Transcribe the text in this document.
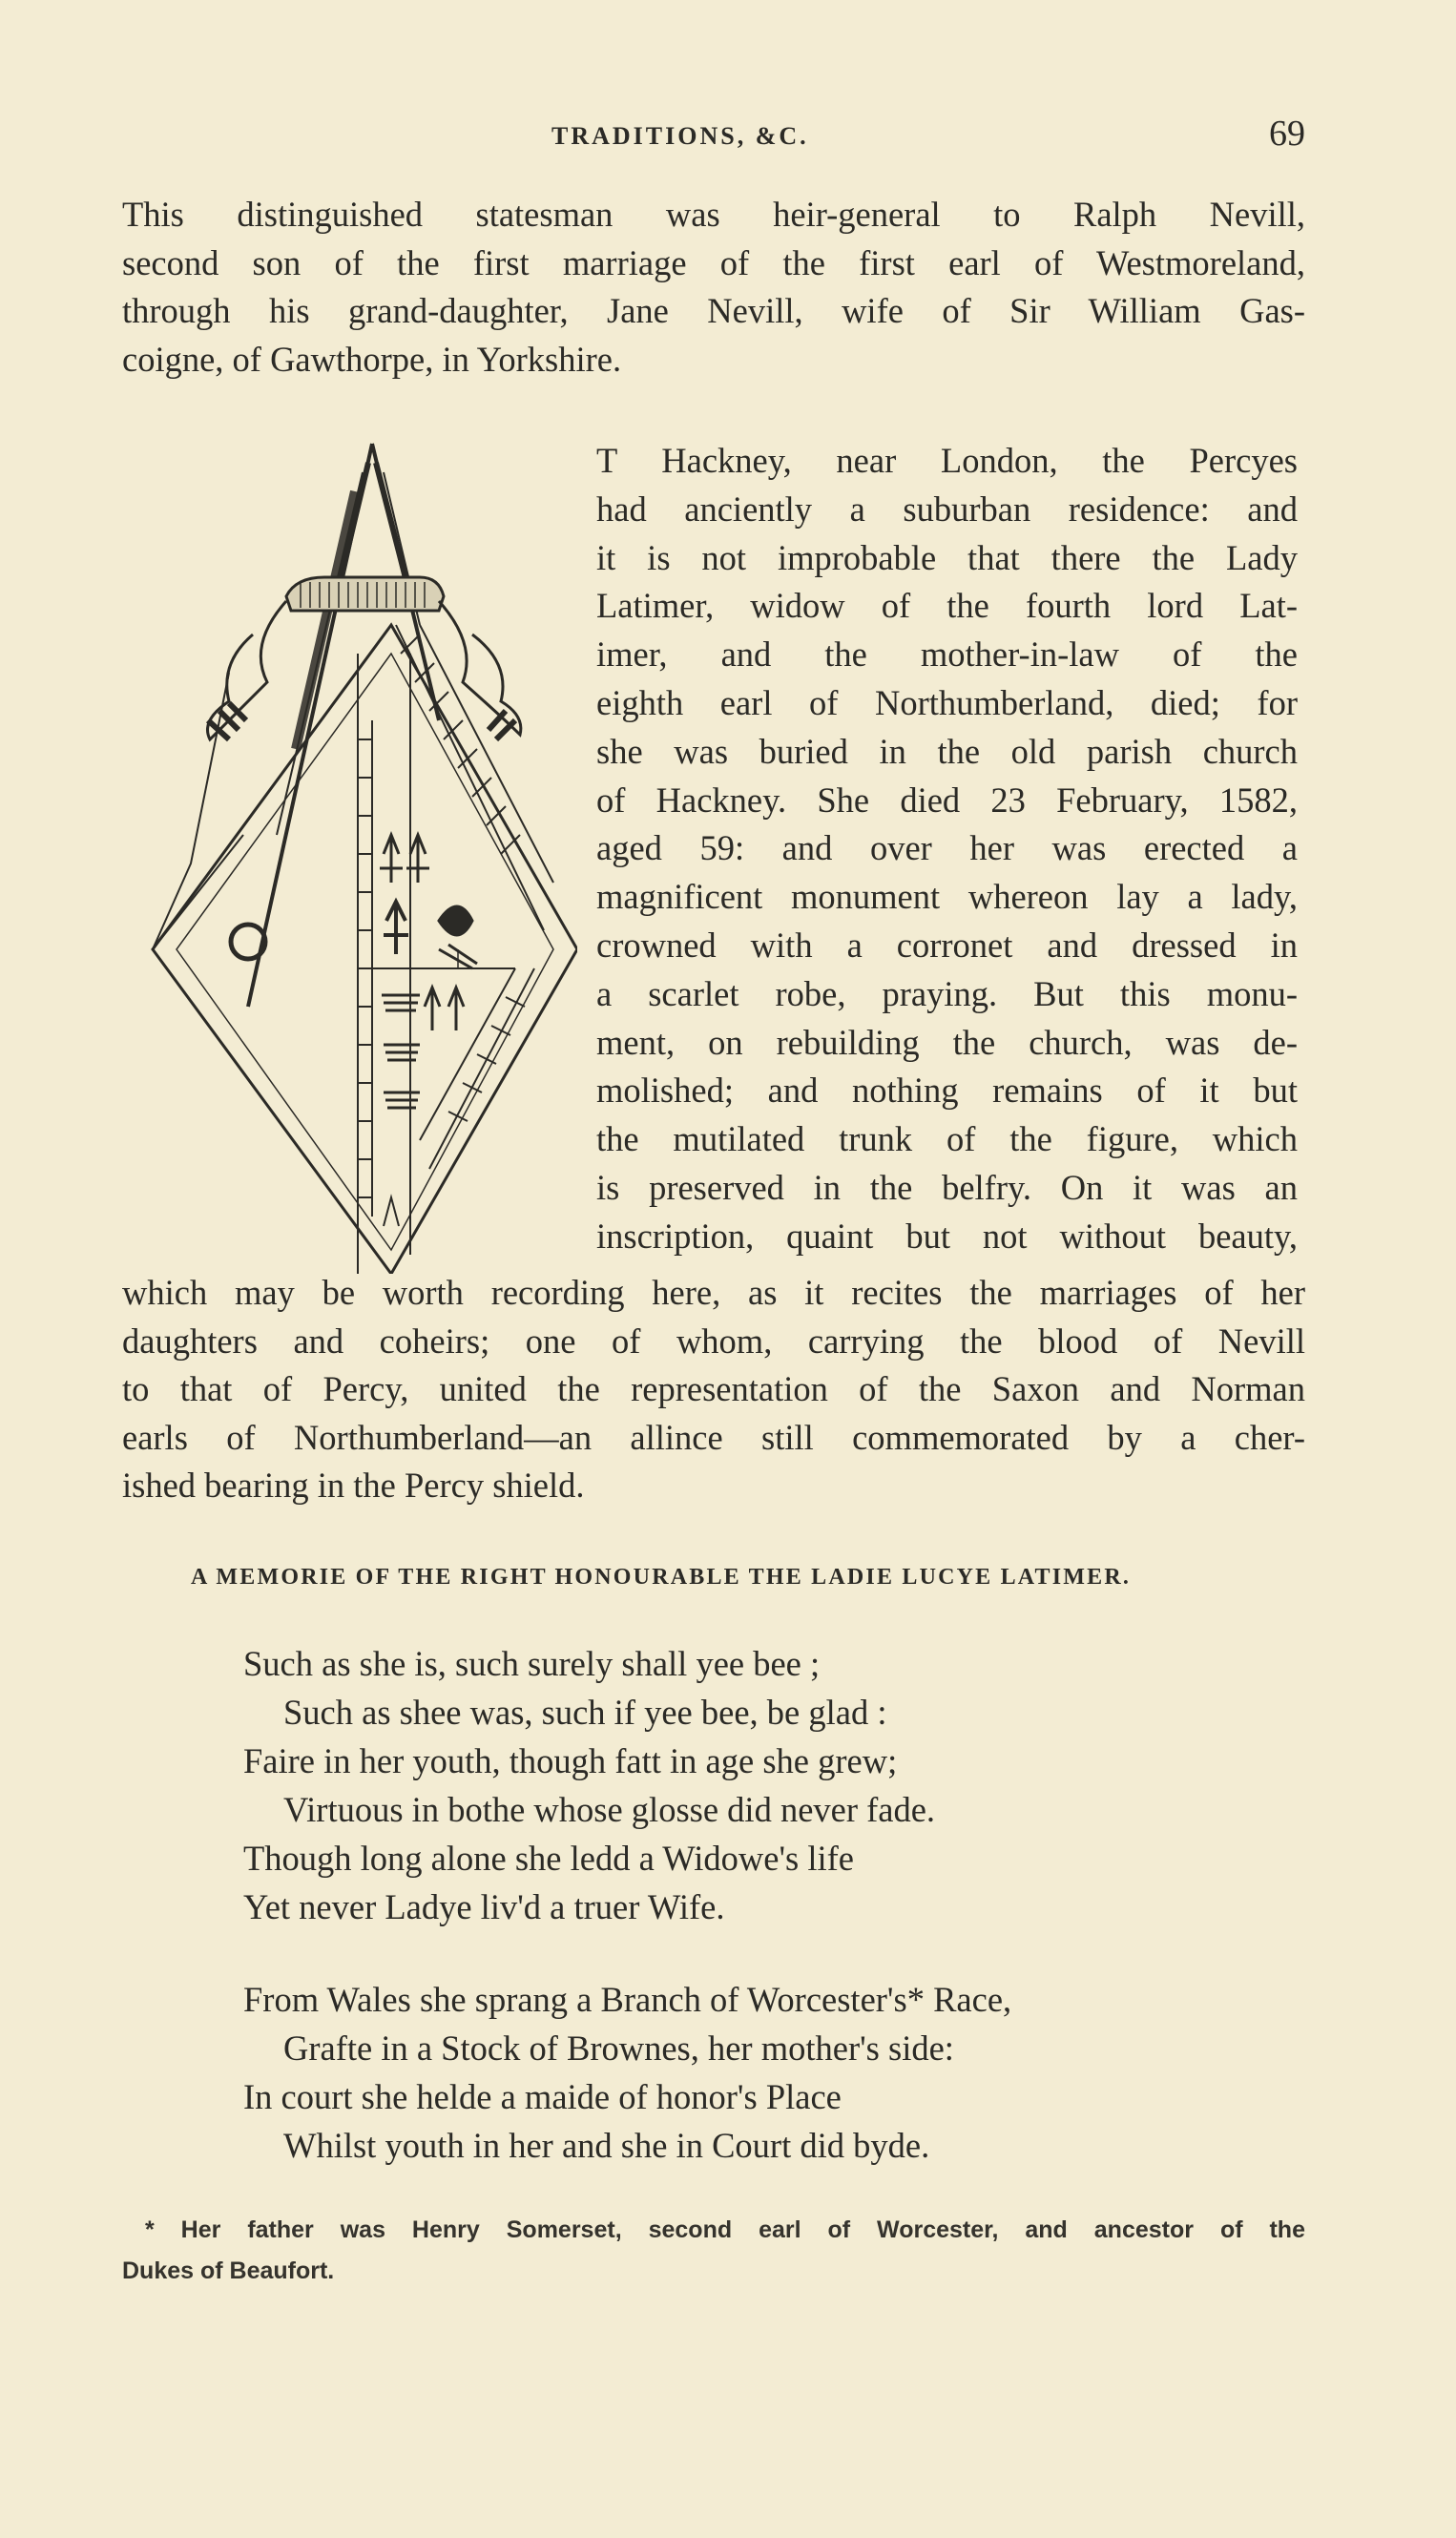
TRADITIONS, &C.	69
This distinguished statesman was heir-general to Ralph Nevill,
second son of the first marriage of the first earl of Westmoreland,
through his grand-daughter, Jane Nevill, wife of Sir William Gas-
coigne, of Gawthorpe, in Yorkshire.
T Hackney, near London, the Percyes
had anciently a suburban residence: and
it is not improbable that there the Lady
Latimer, widow of the fourth lord Lat-
imer, and the mother-in-law of the
eighth earl of Northumberland, died; for
she was buried in the old parish church
of Hackney. She died 23 February, 1582,
aged 59: and over her was erected a
magnificent monument whereon lay a lady,
crowned with a corronet and dressed in
a scarlet robe, praying. But this monu-
ment, on rebuilding the church, was de-
molished; and nothing remains of it but
the mutilated trunk of the figure, which
is preserved in the belfry. On it was an
inscription, quaint but not without beauty,
which may be worth recording here, as it recites the marriages of her
daughters and coheirs; one of whom, carrying the blood of Nevill
to that of Percy, united the representation of the Saxon and Norman
earls of Northumberland—an allince still commemorated by a cher-
ished bearing in the Percy shield.
A MEMORIE OF THE RIGHT HONOURABLE THE LADIE LUCYE LATIMER.
Such as she is, such surely shall yee bee ;
Such as shee was, such if yee bee, be glad :
Faire in her youth, though fatt in age she grew;
Virtuous in bothe whose glosse did never fade.
Though long alone she ledd a Widowe's life
Yet never Ladye liv'd a truer Wife.
From Wales she sprang a Branch of Worcester's* Race,
Grafte in a Stock of Brownes, her mother's side:
In court she helde a maide of honor's Place
Whilst youth in her and she in Court did byde.
* Her father was Henry Somerset, second earl of Worcester, and ancestor of the
Dukes of Beaufort.
